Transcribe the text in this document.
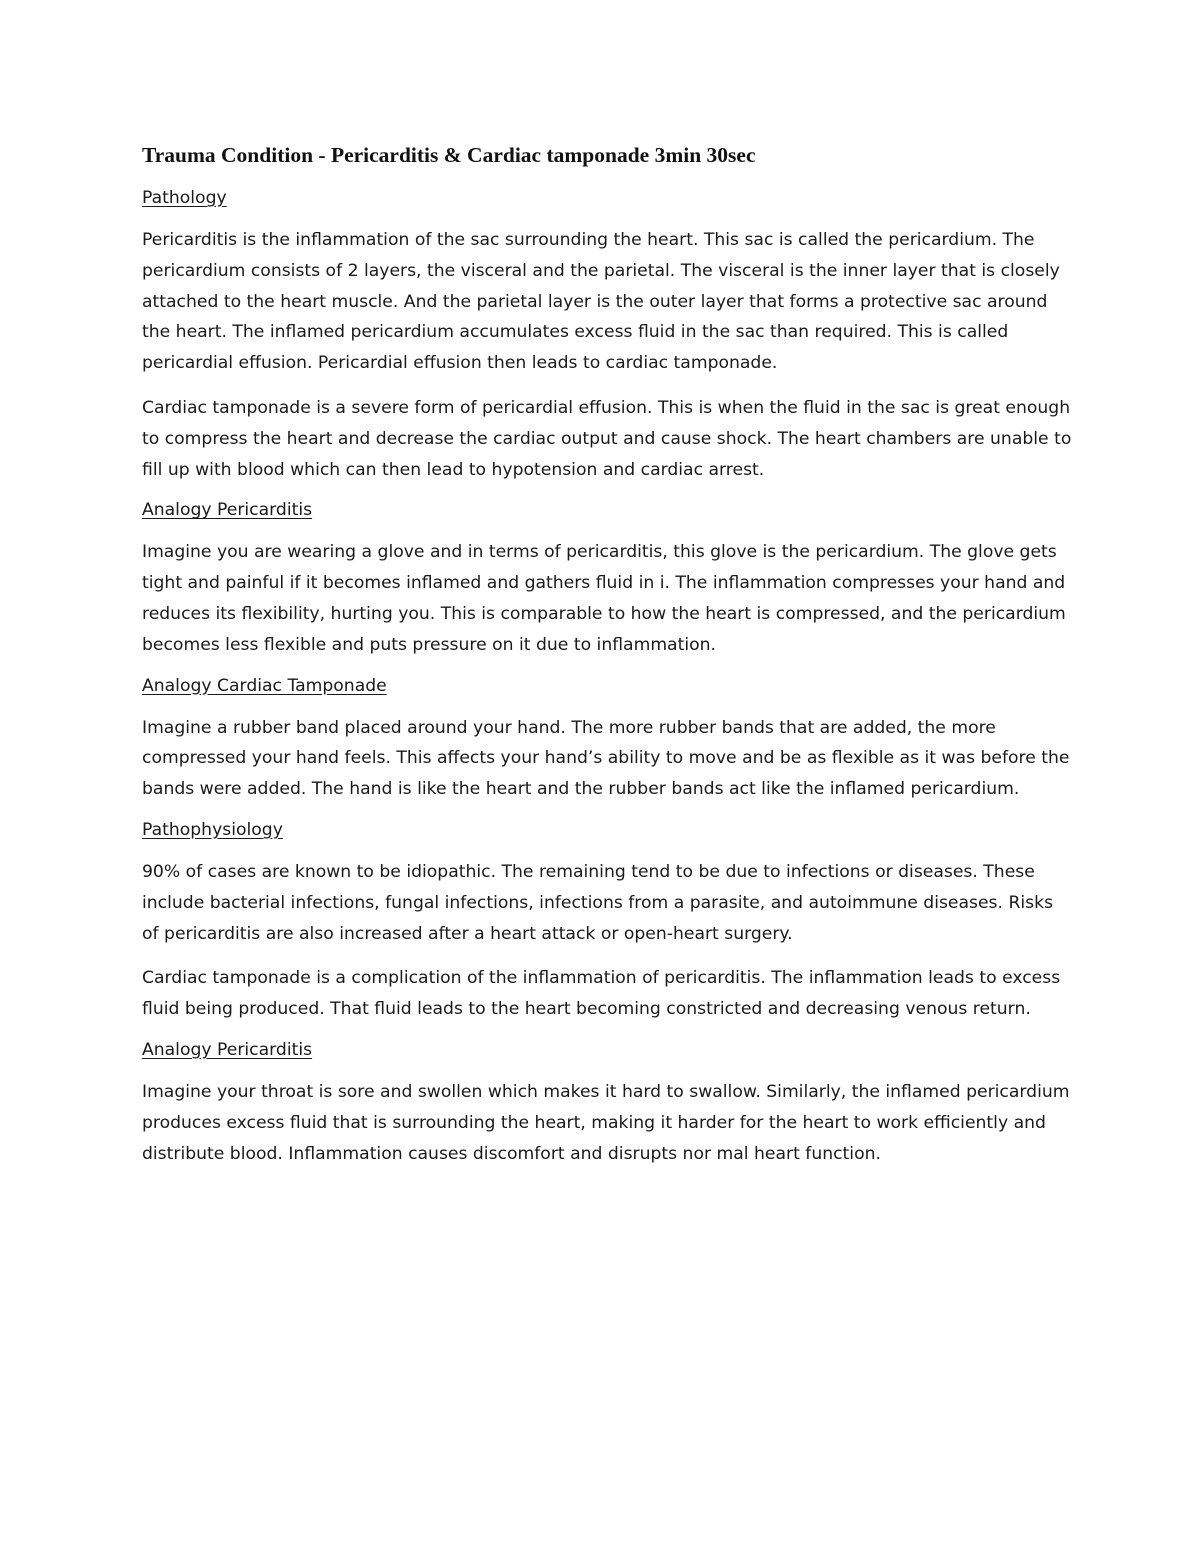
Trauma Condition - Pericarditis & Cardiac tamponade 3min 30sec
Pathology

Pericarditis is the inflammation of the sac surrounding the heart. This sac is called the pericardium. The pericardium consists of 2 layers, the visceral and the parietal. The visceral is the inner layer that is closely attached to the heart muscle. And the parietal layer is the outer layer that forms a protective sac around the heart. The inflamed pericardium accumulates excess fluid in the sac than required. This is called pericardial effusion. Pericardial effusion then leads to cardiac tamponade.

Cardiac tamponade is a severe form of pericardial effusion. This is when the fluid in the sac is great enough to compress the heart and decrease the cardiac output and cause shock. The heart chambers are unable to fill up with blood which can then lead to hypotension and cardiac arrest.

Analogy Pericarditis

Imagine you are wearing a glove and in terms of pericarditis, this glove is the pericardium. The glove gets tight and painful if it becomes inflamed and gathers fluid in i. The inflammation compresses your hand and reduces its flexibility, hurting you. This is comparable to how the heart is compressed, and the pericardium becomes less flexible and puts pressure on it due to inflammation.

Analogy Cardiac Tamponade

Imagine a rubber band placed around your hand. The more rubber bands that are added, the more compressed your hand feels. This affects your hand’s ability to move and be as flexible as it was before the bands were added. The hand is like the heart and the rubber bands act like the inflamed pericardium.

Pathophysiology

90% of cases are known to be idiopathic. The remaining tend to be due to infections or diseases. These include bacterial infections, fungal infections, infections from a parasite, and autoimmune diseases. Risks of pericarditis are also increased after a heart attack or open-heart surgery.

Cardiac tamponade is a complication of the inflammation of pericarditis. The inflammation leads to excess fluid being produced. That fluid leads to the heart becoming constricted and decreasing venous return.

Analogy Pericarditis

Imagine your throat is sore and swollen which makes it hard to swallow. Similarly, the inflamed pericardium produces excess fluid that is surrounding the heart, making it harder for the heart to work efficiently and distribute blood. Inflammation causes discomfort and disrupts nor mal heart function.
